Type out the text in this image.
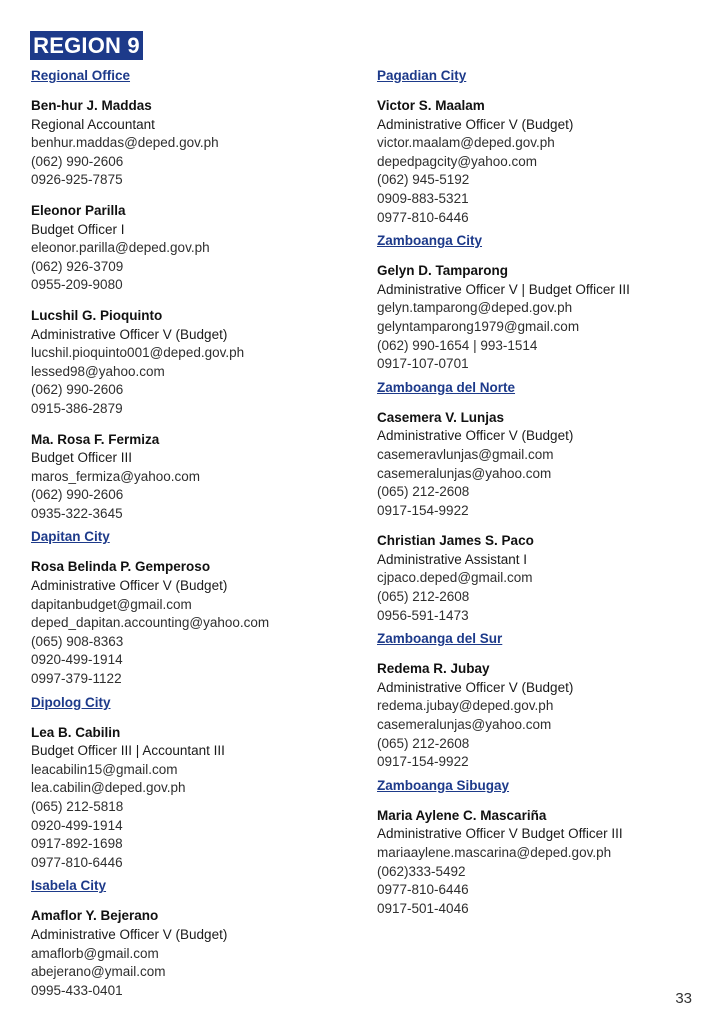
REGION 9
Regional Office
Ben-hur J. Maddas
Regional Accountant
benhur.maddas@deped.gov.ph
(062) 990-2606
0926-925-7875
Eleonor Parilla
Budget Officer I
eleonor.parilla@deped.gov.ph
(062) 926-3709
0955-209-9080
Lucshil G. Pioquinto
Administrative Officer V (Budget)
lucshil.pioquinto001@deped.gov.ph
lessed98@yahoo.com
(062) 990-2606
0915-386-2879
Ma. Rosa F. Fermiza
Budget Officer III
maros_fermiza@yahoo.com
(062) 990-2606
0935-322-3645
Dapitan City
Rosa Belinda P. Gemperoso
Administrative Officer V (Budget)
dapitanbudget@gmail.com
deped_dapitan.accounting@yahoo.com
(065) 908-8363
0920-499-1914
0997-379-1122
Dipolog City
Lea B. Cabilin
Budget Officer III | Accountant III
leacabilin15@gmail.com
lea.cabilin@deped.gov.ph
(065) 212-5818
0920-499-1914
0917-892-1698
0977-810-6446
Isabela City
Amaflor Y. Bejerano
Administrative Officer V (Budget)
amaflorb@gmail.com
abejerano@ymail.com
0995-433-0401
Pagadian City
Victor S. Maalam
Administrative Officer V (Budget)
victor.maalam@deped.gov.ph
depedpagcity@yahoo.com
(062) 945-5192
0909-883-5321
0977-810-6446
Zamboanga City
Gelyn D. Tamparong
Administrative Officer V | Budget Officer III
gelyn.tamparong@deped.gov.ph
gelyntamparong1979@gmail.com
(062) 990-1654 | 993-1514
0917-107-0701
Zamboanga del Norte
Casemera V. Lunjas
Administrative Officer V (Budget)
casemeravlunjas@gmail.com
casemeralunjas@yahoo.com
(065) 212-2608
0917-154-9922
Christian James S. Paco
Administrative Assistant I
cjpaco.deped@gmail.com
(065) 212-2608
0956-591-1473
Zamboanga del Sur
Redema R. Jubay
Administrative Officer V (Budget)
redema.jubay@deped.gov.ph
casemeralunjas@yahoo.com
(065) 212-2608
0917-154-9922
Zamboanga Sibugay
Maria Aylene C. Mascariña
Administrative Officer V Budget Officer III
mariaaylene.mascarina@deped.gov.ph
(062)333-5492
0977-810-6446
0917-501-4046
33
